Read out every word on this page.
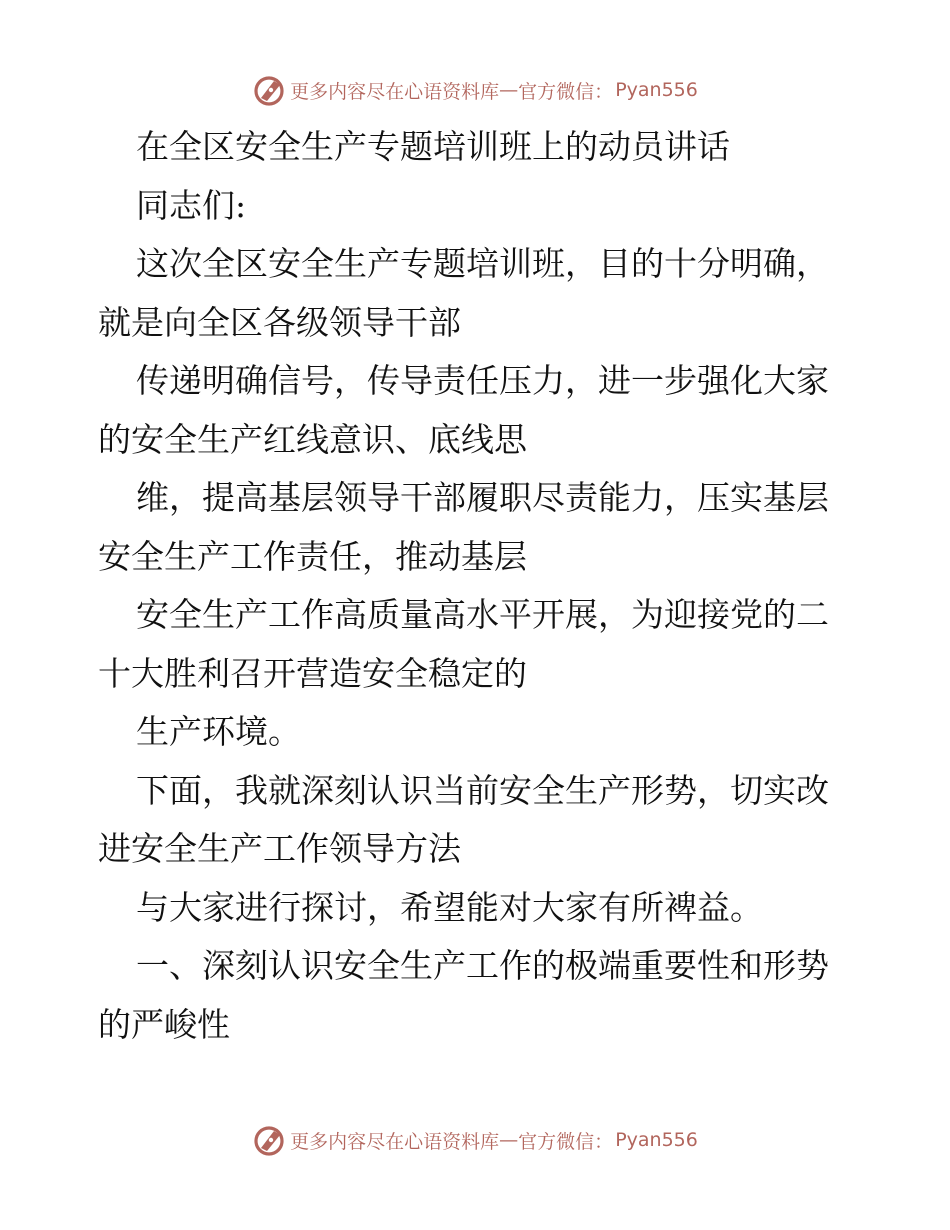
更多内容尽在心语资料库 — 官方微信： Pyan556

在全区安全生产专题培训班上的动员讲话

同志们:

这次全区安全生产专题培训班，目的十分明确，

就是向全区各级领导干部

传递明确信号，传导责任压力，进一步强化大家

的安全生产红线意识、底线思

维，提高基层领导干部履职尽责能力，压实基层

安全生产工作责任，推动基层

安全生产工作高质量高水平开展，为迎接党的二

十大胜利召开营造安全稳定的

生产环境。

下面，我就深刻认识当前安全生产形势，切实改

进安全生产工作领导方法

与大家进行探讨，希望能对大家有所裨益。

一、深刻认识安全生产工作的极端重要性和形势

的严峻性

更多内容尽在心语资料库 — 官方微信： Pyan556
